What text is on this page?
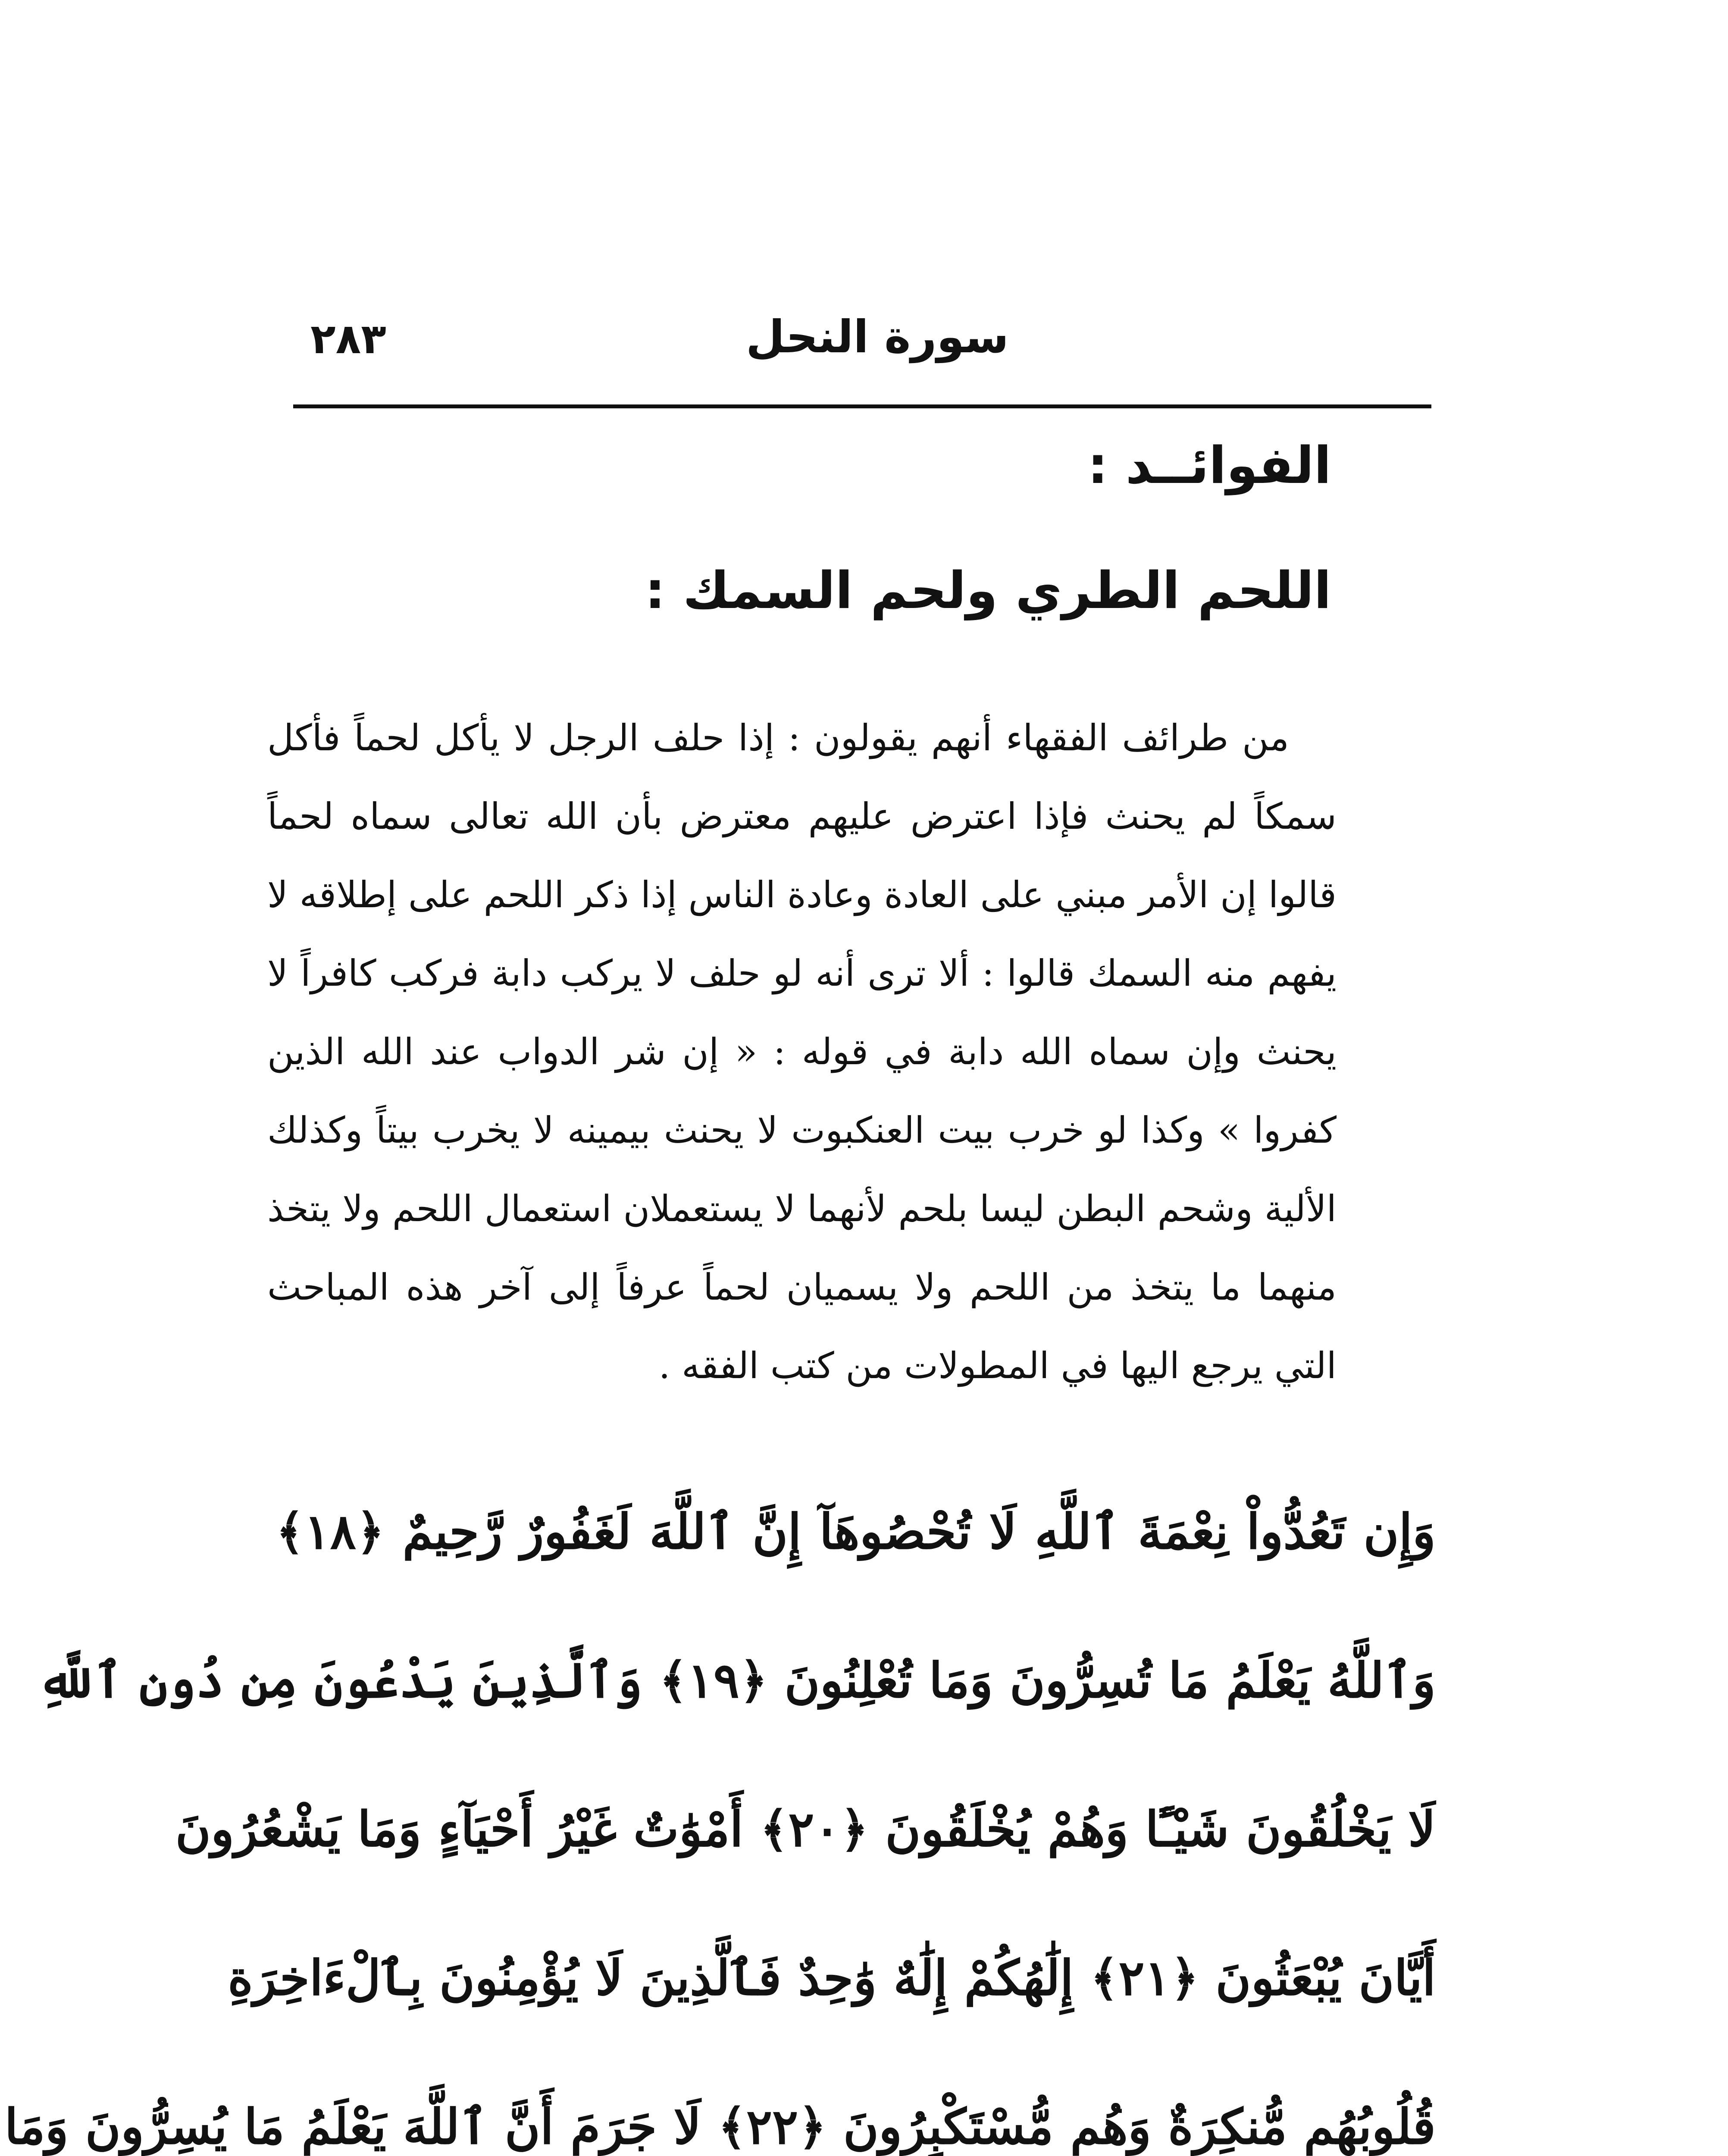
٢٨٣	سورة النحل
الفوائــد :
اللحم الطري ولحم السمك :

من طرائف الفقهاء أنهم يقولون : إذا حلف الرجل لا يأكل لحماً فأكل سمكاً لم يحنث فإذا اعترض عليهم معترض بأن الله تعالى سماه لحماً قالوا إن الأمر مبني على العادة وعادة الناس إذا ذكر اللحم على إطلاقه لا يفهم منه السمك قالوا : ألا ترى أنه لو حلف لا يركب دابة فركب كافراً لا يحنث وإن سماه الله دابة في قوله : « إن شر الدواب عند الله الذين كفروا » وكذا لو خرب بيت العنكبوت لا يحنث بيمينه لا يخرب بيتاً وكذلك الألية وشحم البطن ليسا بلحم لأنهما لا يستعملان استعمال اللحم ولا يتخذ منهما ما يتخذ من اللحم ولا يسميان لحماً عرفاً إلى آخر هذه المباحث التي يرجع اليها في المطولات من كتب الفقه .

وَإِن تَعُدُّواْ نِعْمَةَ ٱللَّهِ لَا تُحْصُوهَآ إِنَّ ٱللَّهَ لَغَفُورٌ رَّحِيمٌ ﴿١٨﴾
وَٱللَّهُ يَعْلَمُ مَا تُسِرُّونَ وَمَا تُعْلِنُونَ ﴿١٩﴾ وَٱلَّذِينَ يَدْعُونَ مِن دُونِ ٱللَّهِ
لَا يَخْلُقُونَ شَيْـًٔا وَهُمْ يُخْلَقُونَ ﴿٢٠﴾ أَمْوَٰتٌ غَيْرُ أَحْيَآءٍ وَمَا يَشْعُرُونَ
أَيَّانَ يُبْعَثُونَ ﴿٢١﴾ إِلَٰهُكُمْ إِلَٰهٌ وَٰحِدٌ فَٱلَّذِينَ لَا يُؤْمِنُونَ بِٱلْءَاخِرَةِ
قُلُوبُهُم مُّنكِرَةٌ وَهُم مُّسْتَكْبِرُونَ ﴿٢٢﴾ لَا جَرَمَ أَنَّ ٱللَّهَ يَعْلَمُ مَا يُسِرُّونَ وَمَا
